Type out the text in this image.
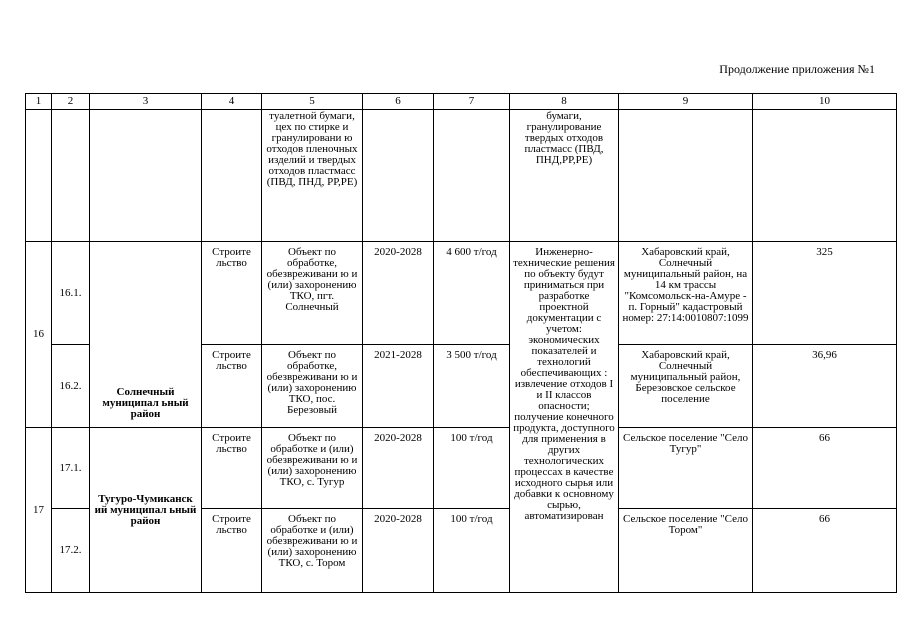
Продолжение приложения №1
1	2	3	4	5	6	7	8	9	10
				туалетной бумаги, цех по стирке и гранулировани ю отходов пленочных изделий и твердых отходов пластмасс (ПВД, ПНД, РР,РЕ)			бумаги, гранулирование твердых отходов пластмасс (ПВД, ПНД,РР,РЕ)		
16	16.1.	Солнечный муниципал ьный район	Строите льство	Объект по обработке, обезвреживани ю и (или) захоронению ТКО, пгт. Солнечный	2020-2028	4 600 т/год	Инженерно-технические решения по объекту будут приниматься при разработке проектной документации с учетом: экономических показателей и технологий обеспечивающих : извлечение отходов I и II классов опасности; получение конечного продукта, доступного для применения в других технологических процессах в качестве исходного сырья или добавки к основному сырью, автоматизирован	Хабаровский край, Солнечный муниципальный район, на 14 км трассы "Комсомольск-на-Амуре - п. Горный" кадастровый номер: 27:14:0010807:1099	325
	16.2.		Строите льство	Объект по обработке, обезвреживани ю и (или) захоронению ТКО, пос. Березовый	2021-2028	3 500 т/год		Хабаровский край, Солнечный муниципальный район, Березовское сельское поселение	36,96
17	17.1.	Тугуро-Чумиканск ий муниципал ьный район	Строите льство	Объект по обработке и (или) обезвреживани ю и (или) захоронению ТКО, с. Тугур	2020-2028	100 т/год		Сельское поселение "Село Тугур"	66
	17.2.		Строите льство	Объект по обработке и (или) обезвреживани ю и (или) захоронению ТКО, с. Тором	2020-2028	100 т/год		Сельское поселение "Село Тором"	66
